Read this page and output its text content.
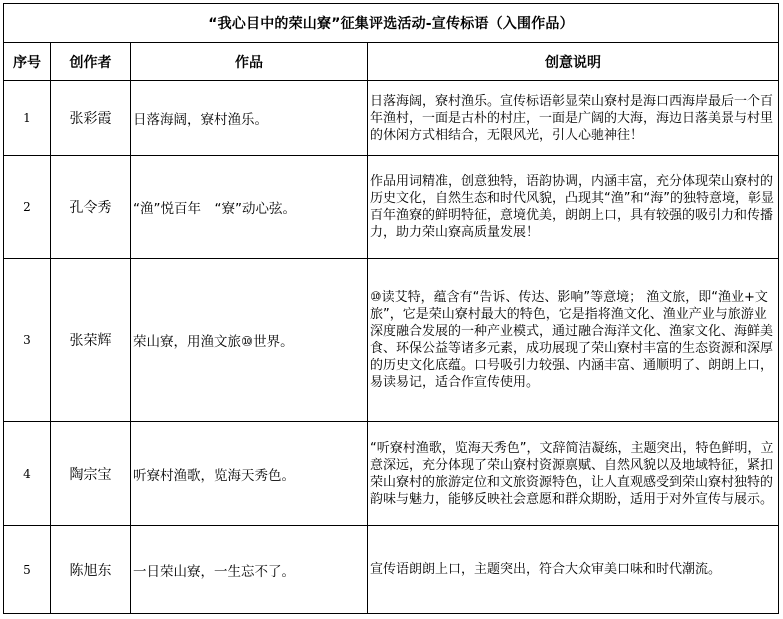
“我心目中的荣山寮”征集评选活动-宣传标语（入围作品）			
序号	创作者	作品	创意说明
1	张彩霞	日落海阔，寮村渔乐。	日落海阔，寮村渔乐。宣传标语彰显荣山寮村是海口西海岸最后一个百年渔村，一面是古朴的村庄，一面是广阔的大海，海边日落美景与村里的休闲方式相结合，无限风光，引人心驰神往！
2	孔令秀	“渔”悦百年　“寮”动心弦。	作品用词精准，创意独特，语韵协调，内涵丰富，充分体现荣山寮村的历史文化，自然生态和时代风貌，凸现其“渔”和“海”的独特意境，彰显百年渔寮的鲜明特征，意境优美，朗朗上口，具有较强的吸引力和传播力，助力荣山寮高质量发展！
3	张荣辉	荣山寮，用渔文旅⑩世界。	⑩读艾特，蕴含有“告诉、传达、影响”等意境； 渔文旅，即“渔业+文旅”，它是荣山寮村最大的特色，它是指将渔文化、渔业产业与旅游业深度融合发展的一种产业模式，通过融合海洋文化、渔家文化、海鲜美食、环保公益等诸多元素，成功展现了荣山寮村丰富的生态资源和深厚的历史文化底蕴。口号吸引力较强、内涵丰富、通顺明了、朗朗上口，易读易记，适合作宣传使用。
4	陶宗宝	听寮村渔歌，览海天秀色。	“听寮村渔歌，览海天秀色”，文辞简洁凝练，主题突出，特色鲜明，立意深远，充分体现了荣山寮村资源禀赋、自然风貌以及地域特征，紧扣荣山寮村的旅游定位和文旅资源特色，让人直观感受到荣山寮村独特的韵味与魅力，能够反映社会意愿和群众期盼，适用于对外宣传与展示。
5	陈旭东	一日荣山寮，一生忘不了。	宣传语朗朗上口，主题突出，符合大众审美口味和时代潮流。
